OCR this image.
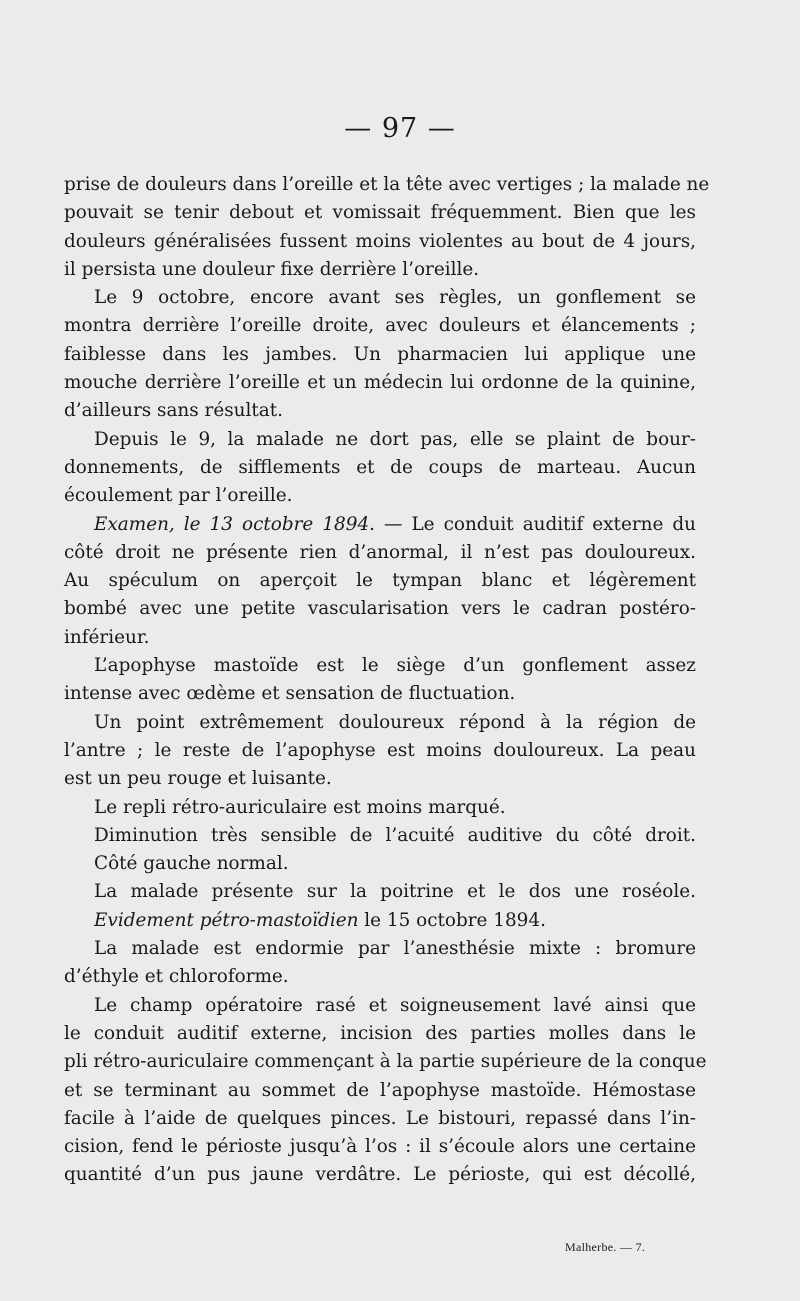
— 97 —
prise de douleurs dans l’oreille et la tête avec vertiges ; la malade ne
pouvait se tenir debout et vomissait fréquemment. Bien que les
douleurs généralisées fussent moins violentes au bout de 4 jours,
il persista une douleur fixe derrière l’oreille.
Le 9 octobre, encore avant ses règles, un gonflement se
montra derrière l’oreille droite, avec douleurs et élancements ;
faiblesse dans les jambes. Un pharmacien lui applique une
mouche derrière l’oreille et un médecin lui ordonne de la quinine,
d’ailleurs sans résultat.
Depuis le 9, la malade ne dort pas, elle se plaint de bour-
donnements, de sifflements et de coups de marteau. Aucun
écoulement par l’oreille.
Examen, le 13 octobre 1894. — Le conduit auditif externe du
côté droit ne présente rien d’anormal, il n’est pas douloureux.
Au spéculum on aperçoit le tympan blanc et légèrement
bombé avec une petite vascularisation vers le cadran postéro-
inférieur.
L’apophyse mastoïde est le siège d’un gonflement assez
intense avec œdème et sensation de fluctuation.
Un point extrêmement douloureux répond à la région de
l’antre ; le reste de l’apophyse est moins douloureux. La peau
est un peu rouge et luisante.
Le repli rétro-auriculaire est moins marqué.
Diminution très sensible de l’acuité auditive du côté droit.
Côté gauche normal.
La malade présente sur la poitrine et le dos une roséole.
Evidement pétro-mastoïdien le 15 octobre 1894.
La malade est endormie par l’anesthésie mixte : bromure
d’éthyle et chloroforme.
Le champ opératoire rasé et soigneusement lavé ainsi que
le conduit auditif externe, incision des parties molles dans le
pli rétro-auriculaire commençant à la partie supérieure de la conque
et se terminant au sommet de l’apophyse mastoïde. Hémostase
facile à l’aide de quelques pinces. Le bistouri, repassé dans l’in-
cision, fend le périoste jusqu’à l’os : il s’écoule alors une certaine
quantité d’un pus jaune verdâtre. Le périoste, qui est décollé,
Malherbe. — 7.
